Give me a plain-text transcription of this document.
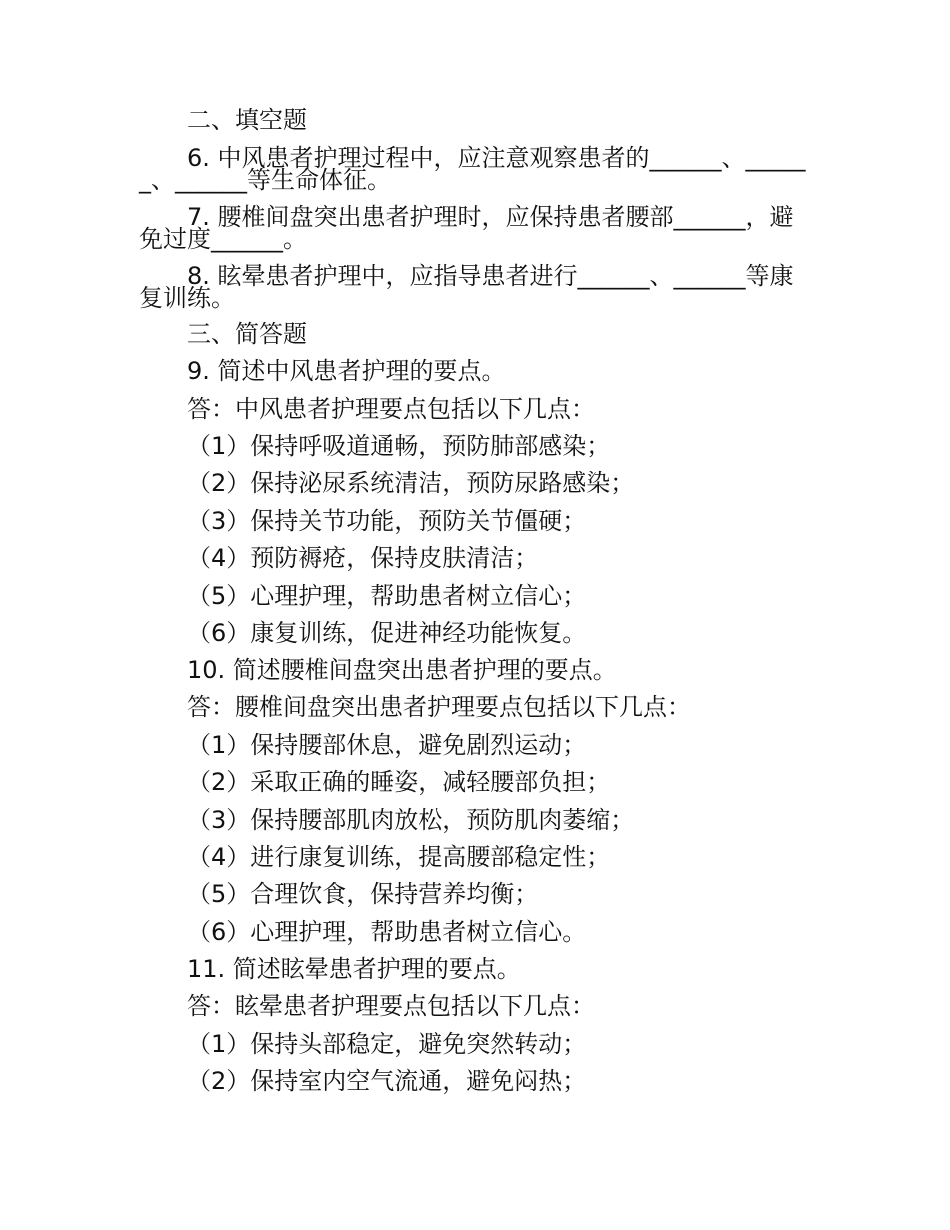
二、填空题
6. 中风患者护理过程中，应注意观察患者的______、______、______等生命体征。
7. 腰椎间盘突出患者护理时，应保持患者腰部______，避免过度______。
8. 眩晕患者护理中，应指导患者进行______、______等康复训练。
三、简答题
9. 简述中风患者护理的要点。
答：中风患者护理要点包括以下几点：
（1）保持呼吸道通畅，预防肺部感染；
（2）保持泌尿系统清洁，预防尿路感染；
（3）保持关节功能，预防关节僵硬；
（4）预防褥疮，保持皮肤清洁；
（5）心理护理，帮助患者树立信心；
（6）康复训练，促进神经功能恢复。
10. 简述腰椎间盘突出患者护理的要点。
答：腰椎间盘突出患者护理要点包括以下几点：
（1）保持腰部休息，避免剧烈运动；
（2）采取正确的睡姿，减轻腰部负担；
（3）保持腰部肌肉放松，预防肌肉萎缩；
（4）进行康复训练，提高腰部稳定性；
（5）合理饮食，保持营养均衡；
（6）心理护理，帮助患者树立信心。
11. 简述眩晕患者护理的要点。
答：眩晕患者护理要点包括以下几点：
（1）保持头部稳定，避免突然转动；
（2）保持室内空气流通，避免闷热；
